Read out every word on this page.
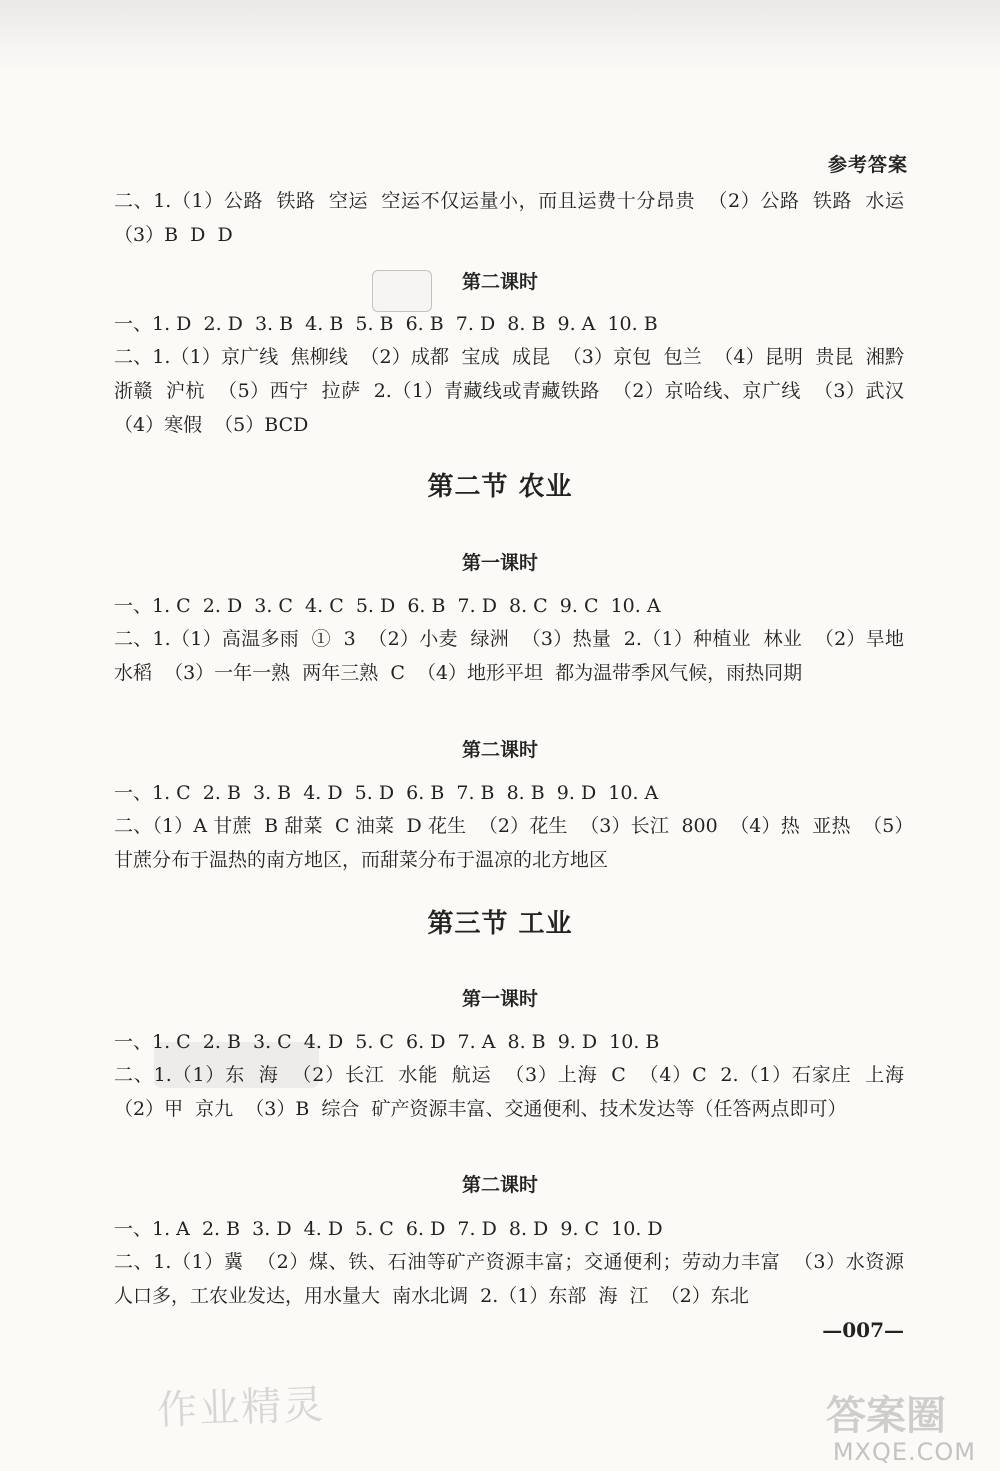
参考答案
二、1.（1）公路  铁路  空运  空运不仅运量小，而且运费十分昂贵  （2）公路  铁路  水运  （3）B  D  D
第二课时
一、1. D  2. D  3. B  4. B  5. B  6. B  7. D  8. B  9. A  10. B
二、1.（1）京广线  焦柳线  （2）成都  宝成  成昆  （3）京包  包兰  （4）昆明  贵昆  湘黔  浙赣  沪杭  （5）西宁  拉萨  2.（1）青藏线或青藏铁路  （2）京哈线、京广线  （3）武汉  （4）寒假  （5）BCD
第二节 农业
第一课时
一、1. C  2. D  3. C  4. C  5. D  6. B  7. D  8. C  9. C  10. A
二、1.（1）高温多雨  ①  3  （2）小麦  绿洲  （3）热量  2.（1）种植业  林业  （2）旱地  水稻  （3）一年一熟  两年三熟  C  （4）地形平坦  都为温带季风气候，雨热同期
第二课时
一、1. C  2. B  3. B  4. D  5. D  6. B  7. B  8. B  9. D  10. A
二、（1）A 甘蔗  B 甜菜  C 油菜  D 花生  （2）花生  （3）长江  800  （4）热  亚热  （5）甘蔗分布于温热的南方地区，而甜菜分布于温凉的北方地区
第三节 工业
第一课时
一、1. C  2. B  3. C  4. D  5. C  6. D  7. A  8. B  9. D  10. B
二、1.（1）东  海  （2）长江  水能  航运  （3）上海  C  （4）C  2.（1）石家庄  上海  （2）甲  京九  （3）B  综合  矿产资源丰富、交通便利、技术发达等（任答两点即可）
第二课时
一、1. A  2. B  3. D  4. D  5. C  6. D  7. D  8. D  9. C  10. D
二、1.（1）冀  （2）煤、铁、石油等矿产资源丰富；交通便利；劳动力丰富  （3）水资源  人口多，工农业发达，用水量大  南水北调  2.（1）东部  海  江  （2）东北
—007—
作业精灵	答案圈
MXQE.COM
